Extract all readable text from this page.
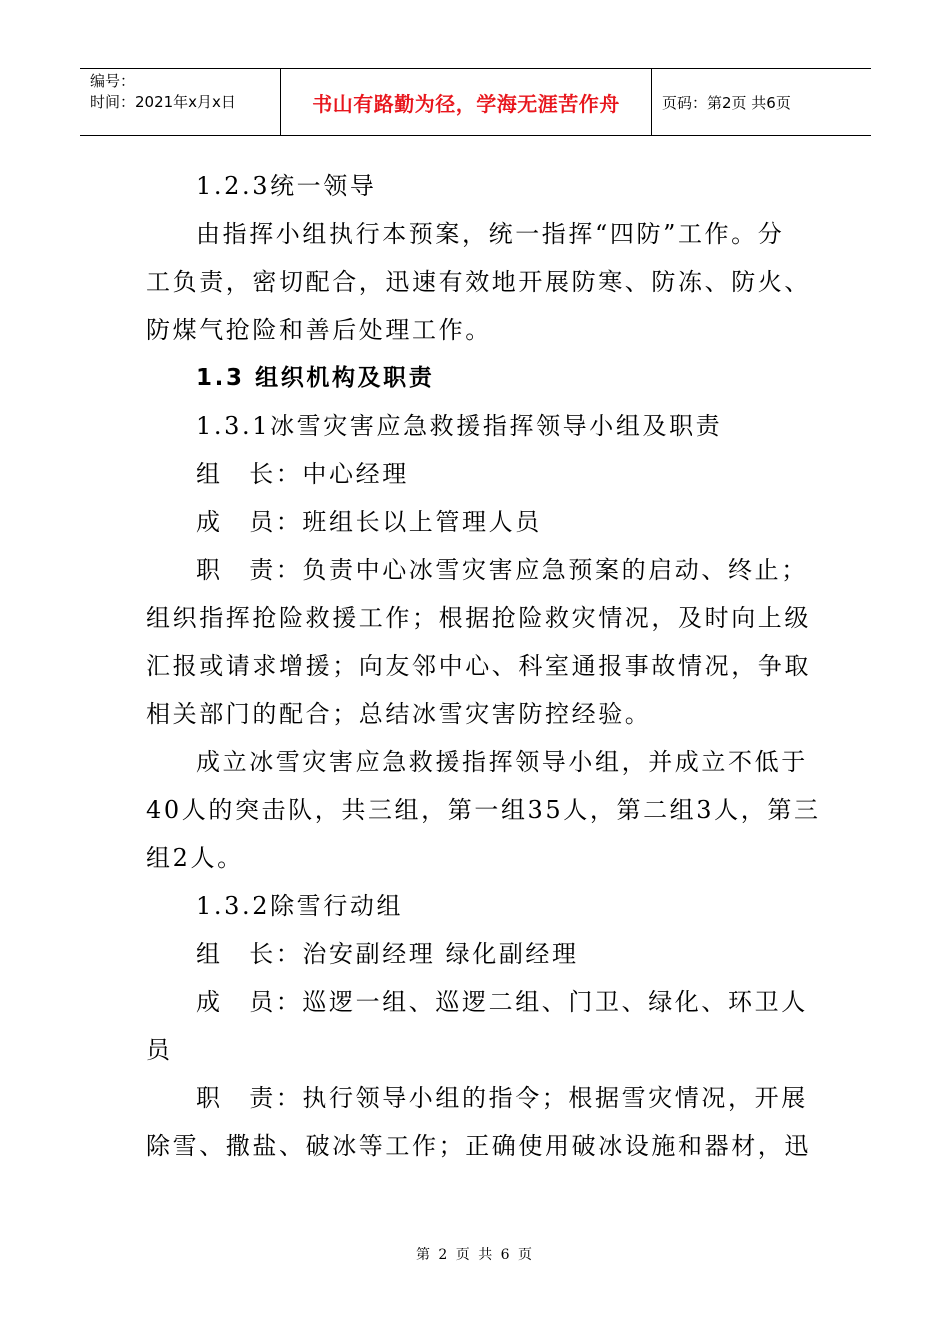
编号：
时间：2021年x月x日	书山有路勤为径，学海无涯苦作舟	页码：第2页 共6页

1.2.3统一领导

由指挥小组执行本预案，统一指挥“四防”工作。分

工负责，密切配合，迅速有效地开展防寒、防冻、防火、

防煤气抢险和善后处理工作。

1.3 组织机构及职责

1.3.1冰雪灾害应急救援指挥领导小组及职责

组　长：中心经理

成　员：班组长以上管理人员

职　责：负责中心冰雪灾害应急预案的启动、终止；

组织指挥抢险救援工作；根据抢险救灾情况，及时向上级

汇报或请求增援；向友邻中心、科室通报事故情况，争取

相关部门的配合；总结冰雪灾害防控经验。

成立冰雪灾害应急救援指挥领导小组，并成立不低于

40人的突击队，共三组，第一组35人，第二组3人，第三

组2人。

1.3.2除雪行动组

组　长：治安副经理 绿化副经理

成　员：巡逻一组、巡逻二组、门卫、绿化、环卫人

员

职　责：执行领导小组的指令；根据雪灾情况，开展

除雪、撒盐、破冰等工作；正确使用破冰设施和器材，迅

第 2 页 共 6 页
